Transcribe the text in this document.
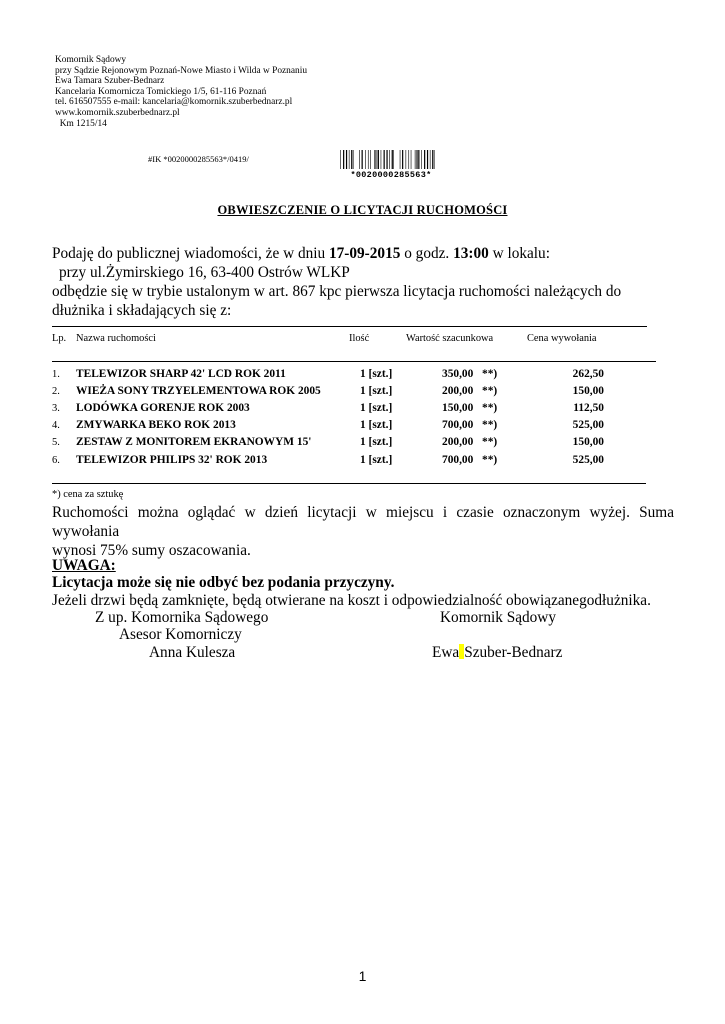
Komornik Sądowy
przy Sądzie Rejonowym Poznań-Nowe Miasto i Wilda w Poznaniu
Ewa Tamara Szuber-Bednarz
Kancelaria Komornicza Tomickiego 1/5, 61-116 Poznań
tel. 616507555 e-mail: kancelaria@komornik.szuberbednarz.pl
www.komornik.szuberbednarz.pl
Km 1215/14
#IK *0020000285563*/0419/
*0020000285563*
OBWIESZCZENIE O LICYTACJI RUCHOMOŚCI
Podaję do publicznej wiadomości, że w dniu 17-09-2015 o godz. 13:00 w lokalu:
przy ul.Żymirskiego 16, 63-400 Ostrów WLKP
odbędzie się w trybie ustalonym w art. 867 kpc pierwsza licytacja ruchomości należących do dłużnika i składających się z:
Lp. Nazwa ruchomości	Ilość	Wartość szacunkowa	Cena wywołania
1. TELEWIZOR SHARP 42' LCD ROK 2011	1 [szt.]	350,00 **)	262,50
2. WIEŻA SONY TRZYELEMENTOWA ROK 2005	1 [szt.]	200,00 **)	150,00
3. LODÓWKA GORENJE ROK 2003	1 [szt.]	150,00 **)	112,50
4. ZMYWARKA BEKO ROK 2013	1 [szt.]	700,00 **)	525,00
5. ZESTAW Z MONITOREM EKRANOWYM 15'	1 [szt.]	200,00 **)	150,00
6. TELEWIZOR PHILIPS 32' ROK 2013	1 [szt.]	700,00 **)	525,00
*) cena za sztukę
Ruchomości można oglądać w dzień licytacji w miejscu i czasie oznaczonym wyżej. Suma wywołania
wynosi 75% sumy oszacowania.
UWAGA:
Licytacja może się nie odbyć bez podania przyczyny.
Jeżeli drzwi będą zamknięte, będą otwierane na koszt i odpowiedzialność obowiązanegodłużnika.
Z up. Komornika Sądowego
Asesor Komorniczy
Anna Kulesza
Komornik Sądowy
Ewa Szuber-Bednarz
1
